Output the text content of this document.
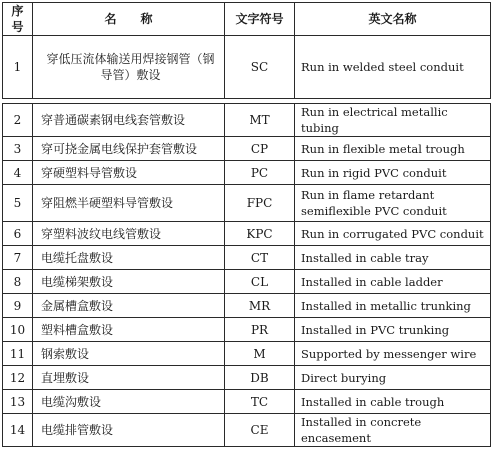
序号	名　　称	文字符号	英文名称
1	穿低压流体输送用焊接钢管（钢导管）敷设	SC	Run in welded steel conduit
2	穿普通碳素钢电线套管敷设	MT	Run in electrical metallic tubing
3	穿可挠金属电线保护套管敷设	CP	Run in flexible metal trough
4	穿硬塑料导管敷设	PC	Run in rigid PVC conduit
5	穿阻燃半硬塑料导管敷设	FPC	Run in flame retardant semiflexible PVC conduit
6	穿塑料波纹电线管敷设	KPC	Run in corrugated PVC conduit
7	电缆托盘敷设	CT	Installed in cable tray
8	电缆梯架敷设	CL	Installed in cable ladder
9	金属槽盒敷设	MR	Installed in metallic trunking
10	塑料槽盒敷设	PR	Installed in PVC trunking
11	钢索敷设	M	Supported by messenger wire
12	直埋敷设	DB	Direct burying
13	电缆沟敷设	TC	Installed in cable trough
14	电缆排管敷设	CE	Installed in concrete encasement
